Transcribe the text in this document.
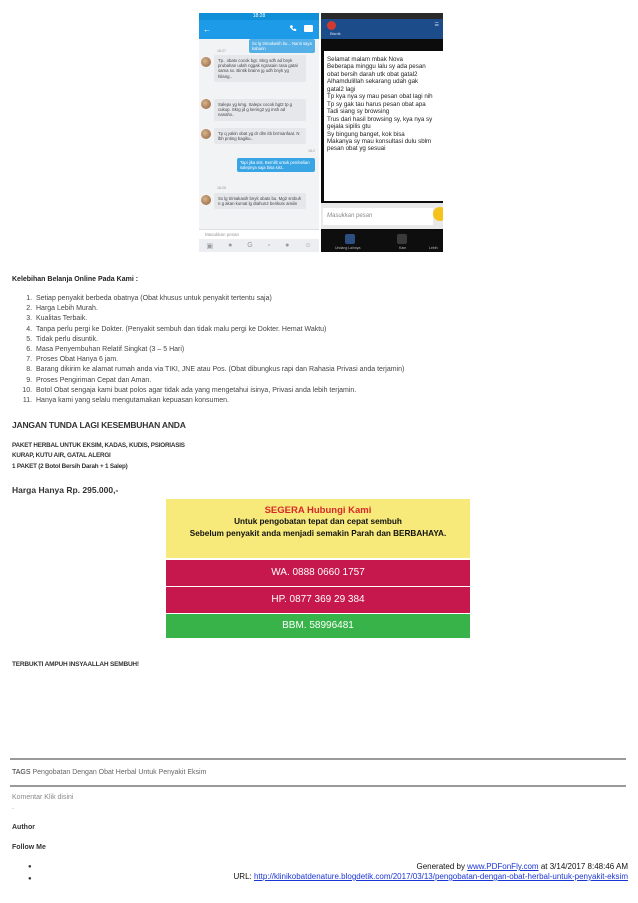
18:28
←
Sx lg trimakasih bu... Nanti saya kabarin
18:27
Tp.. obatx cocok bgt. Skrg sdh ad bnyk prubahan udah nggak ngrasain rasa gatal sama sx. Bintik brainn jg udh bnyk yg hilang..
Salepx yg kmg. Salepx cocok bgt2 tp g cukup. Skrg jd g kering2 yg msh ad nanahx..
Tp q yakin obat yg dr dlm itb brrmanfaat. N lbh pnting bagiku..
18:2
Tapi jika sist. Bernilit untuk pembelian salepnya saja bisa sist..
18:28
Sx lg trimakasih bnyk obatx bu. Mg2 smbuh n g akan kumat lg dtahun2 berikutx amiiin
Masukkan pesan
▣ ● G ▫ ● ☺
Bisnik
☰
Selamat malam mbak Nova
Beberapa minggu lalu sy ada pesan
obat bersih darah utk obat gatal2
Alhamdulillah sekarang udah gak
gatal2 lagi
Tp kya nya sy mau pesan obat lagi nih
Tp sy gak tau harus pesan obat apa
Tadi siang sy browsing
Trus dari hasil browsing sy, kya nya sy
gejala sipilis gtu
Sy bingung banget, kok bisa
Makanya sy mau konsultasi dulu sblm
pesan obat yg sesuai
Masukkan pesan
Undang Lainnya	Kam	Lebih
Kelebihan Belanja Online Pada Kami :
1. Setiap penyakit berbeda obatnya (Obat khusus untuk penyakit tertentu saja)
2. Harga Lebih Murah.
3. Kualitas Terbaik.
4. Tanpa perlu pergi ke Dokter. (Penyakit sembuh dan tidak malu pergi ke Dokter. Hemat Waktu)
5. Tidak perlu disuntik.
6. Masa Penyembuhan Relatif Singkat (3 – 5 Hari)
7. Proses Obat Hanya 6 jam.
8. Barang dikirim ke alamat rumah anda via TIKI, JNE atau Pos. (Obat dibungkus rapi dan Rahasia Privasi anda terjamin)
9. Proses Pengiriman Cepat dan Aman.
10. Botol Obat sengaja kami buat polos agar tidak ada yang mengetahui isinya, Privasi anda lebih terjamin.
11. Hanya kami yang selalu mengutamakan kepuasan konsumen.
JANGAN TUNDA LAGI KESEMBUHAN ANDA
PAKET HERBAL UNTUK EKSIM, KADAS, KUDIS, PSIORIASIS
KURAP, KUTU AIR, GATAL ALERGI
1 PAKET (2 Botol Bersih Darah + 1 Salep)
Harga Hanya Rp. 295.000,-
SEGERA Hubungi Kami
Untuk pengobatan tepat dan cepat sembuh
Sebelum penyakit anda menjadi semakin Parah dan BERBAHAYA.
WA. 0888 0660 1757
HP. 0877 369 29 384
BBM. 58996481
TERBUKTI AMPUH INSYAALLAH SEMBUH!
TAGS Pengobatan Dengan Obat Herbal Untuk Penyakit Eksim
Komentar Klik disini
.
Author
Follow Me
●
●
Generated by www.PDFonFly.com at 3/14/2017 8:48:46 AM
URL: http://klinikobatdenature.blogdetik.com/2017/03/13/pengobatan-dengan-obat-herbal-untuk-penyakit-eksim
